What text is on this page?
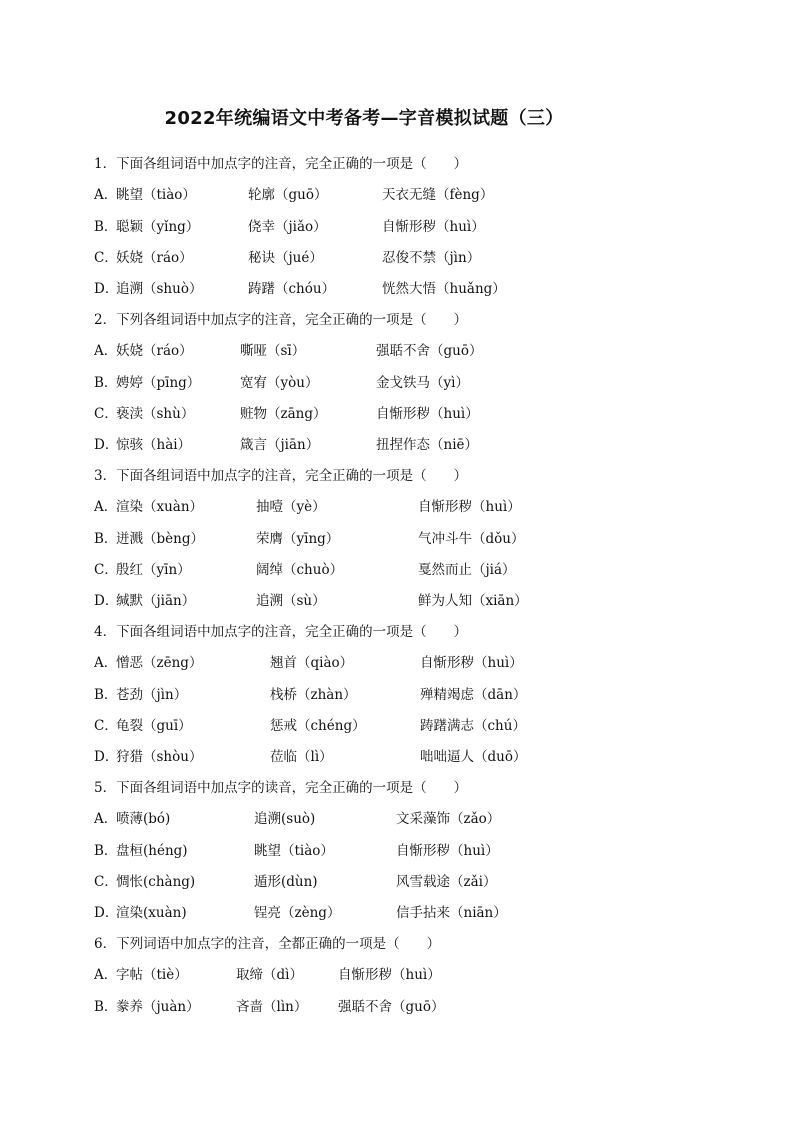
2022年统编语文中考备考—字音模拟试题（三）
1．下面各组词语中加点字的注音，完全正确的一项是（　　）
A．
眺望（tiào）	轮廓（guō）	天衣无缝（fèng）
B．
聪颖（yǐng）	侥幸（jiǎo）	自惭形秽（huì）
C．
妖娆（ráo）	秘诀（jué）	忍俊不禁（jìn）
D．
追溯（shuò）	踌躇（chóu）	恍然大悟（huǎng）
2．下列各组词语中加点字的注音，完全正确的一项是（　　）
A．
妖娆（ráo）	嘶哑（sī）	强聒不舍（guō）
B．
娉婷（pīng）	宽宥（yòu）	金戈铁马（yì）
C．
亵渎（shù）	赃物（zāng）	自惭形秽（huì）
D．
惊骇（hài）	箴言（jiān）	扭捏作态（niē）
3．下面各组词语中加点字的注音，完全正确的一项是（　　）
A．
渲染（xuàn）	抽噎（yè）	自惭形秽（huì）
B．
迸溅（bèng）	荣膺（yīng）	气冲斗牛（dǒu）
C．
殷红（yīn）	阔绰（chuò）	戛然而止（jiá）
D．
缄默（jiān）	追溯（sù）	鲜为人知（xiān）
4．下面各组词语中加点字的注音，完全正确的一项是（　　）
A．
憎恶（zēng）	翘首（qiào）	自惭形秽（huì）
B．
苍劲（jìn）	栈桥（zhàn）	殚精竭虑（dān）
C．
龟裂（guī）	惩戒（chéng）	踌躇满志（chú）
D．
狩猎（shòu）	莅临（lì）	咄咄逼人（duō）
5．下面各组词语中加点字的读音，完全正确的一项是（　　）
A．
喷薄(bó)	追溯(suò)	文采藻饰（zǎo）
B．
盘桓(héng)	眺望（tiào）	自惭形秽（huì）
C．
惆怅(chàng)	遁形(dùn)	风雪载途（zǎi）
D．
渲染(xuàn)	锃亮（zèng）	信手拈来（niān）
6．下列词语中加点字的注音，全都正确的一项是（　　）
A．
字帖（tiè）	取缔（dì）	自惭形秽（huì）
B．
豢养（juàn）	吝啬（lìn） 强聒不舍（guō）
